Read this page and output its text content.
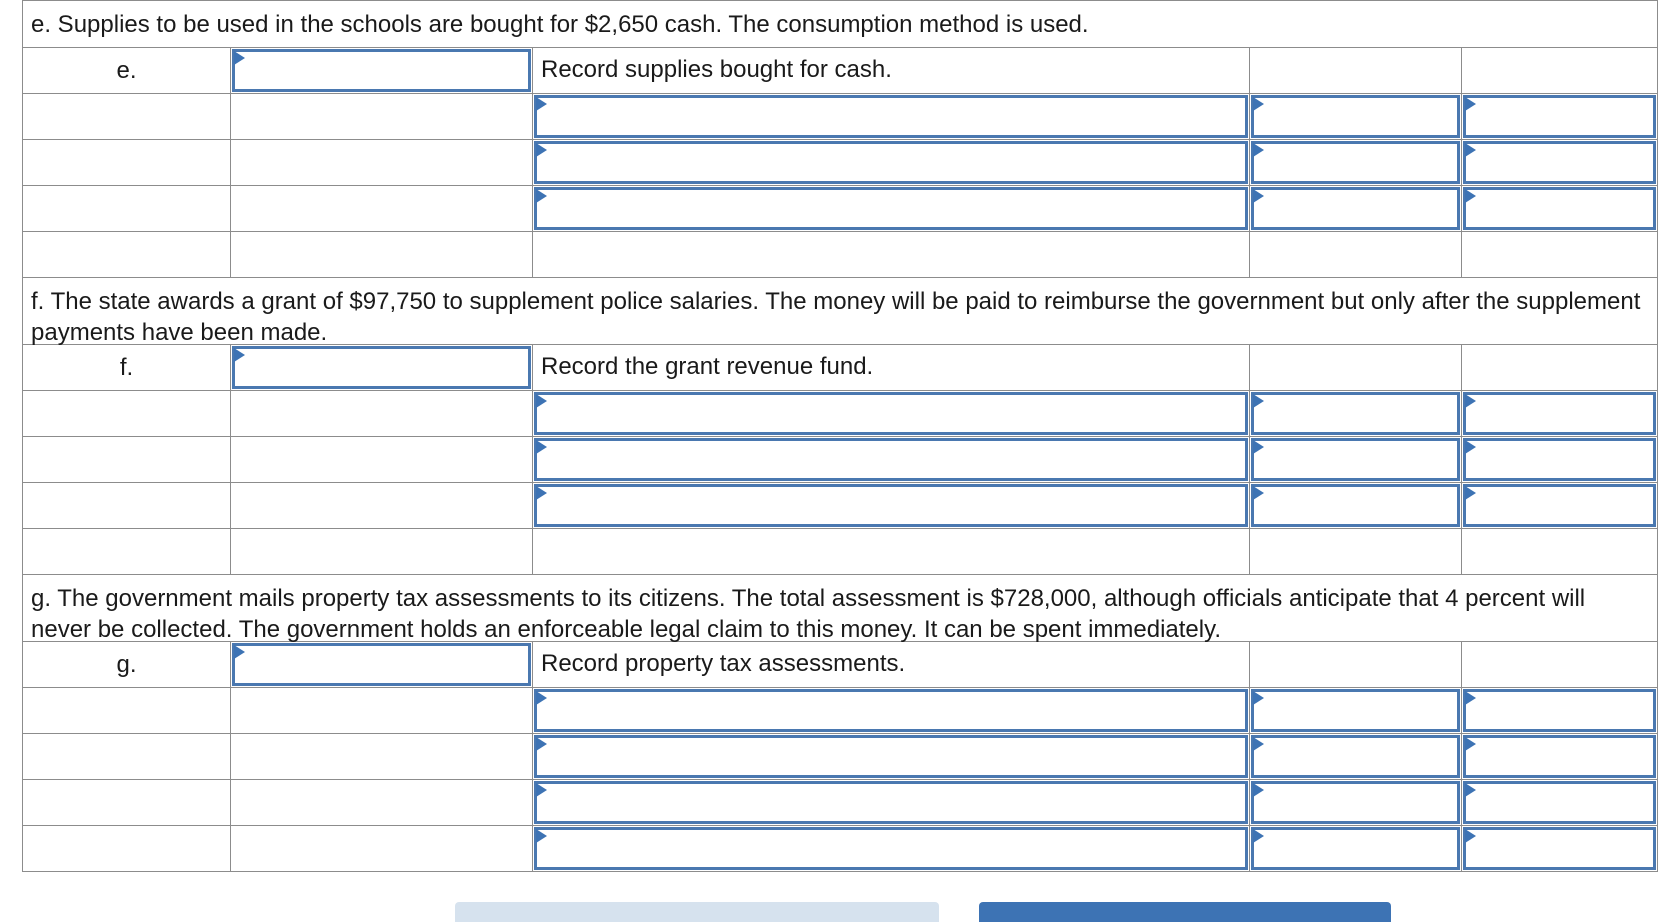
e. Supplies to be used in the schools are bought for $2,650 cash. The consumption method is used.
e.	Record supplies bought for cash.
f. The state awards a grant of $97,750 to supplement police salaries. The money will be paid to reimburse the government but only after the supplement payments have been made.
f.	Record the grant revenue fund.
g. The government mails property tax assessments to its citizens. The total assessment is $728,000, although officials anticipate that 4 percent will never be collected. The government holds an enforceable legal claim to this money. It can be spent immediately.
g.	Record property tax assessments.
